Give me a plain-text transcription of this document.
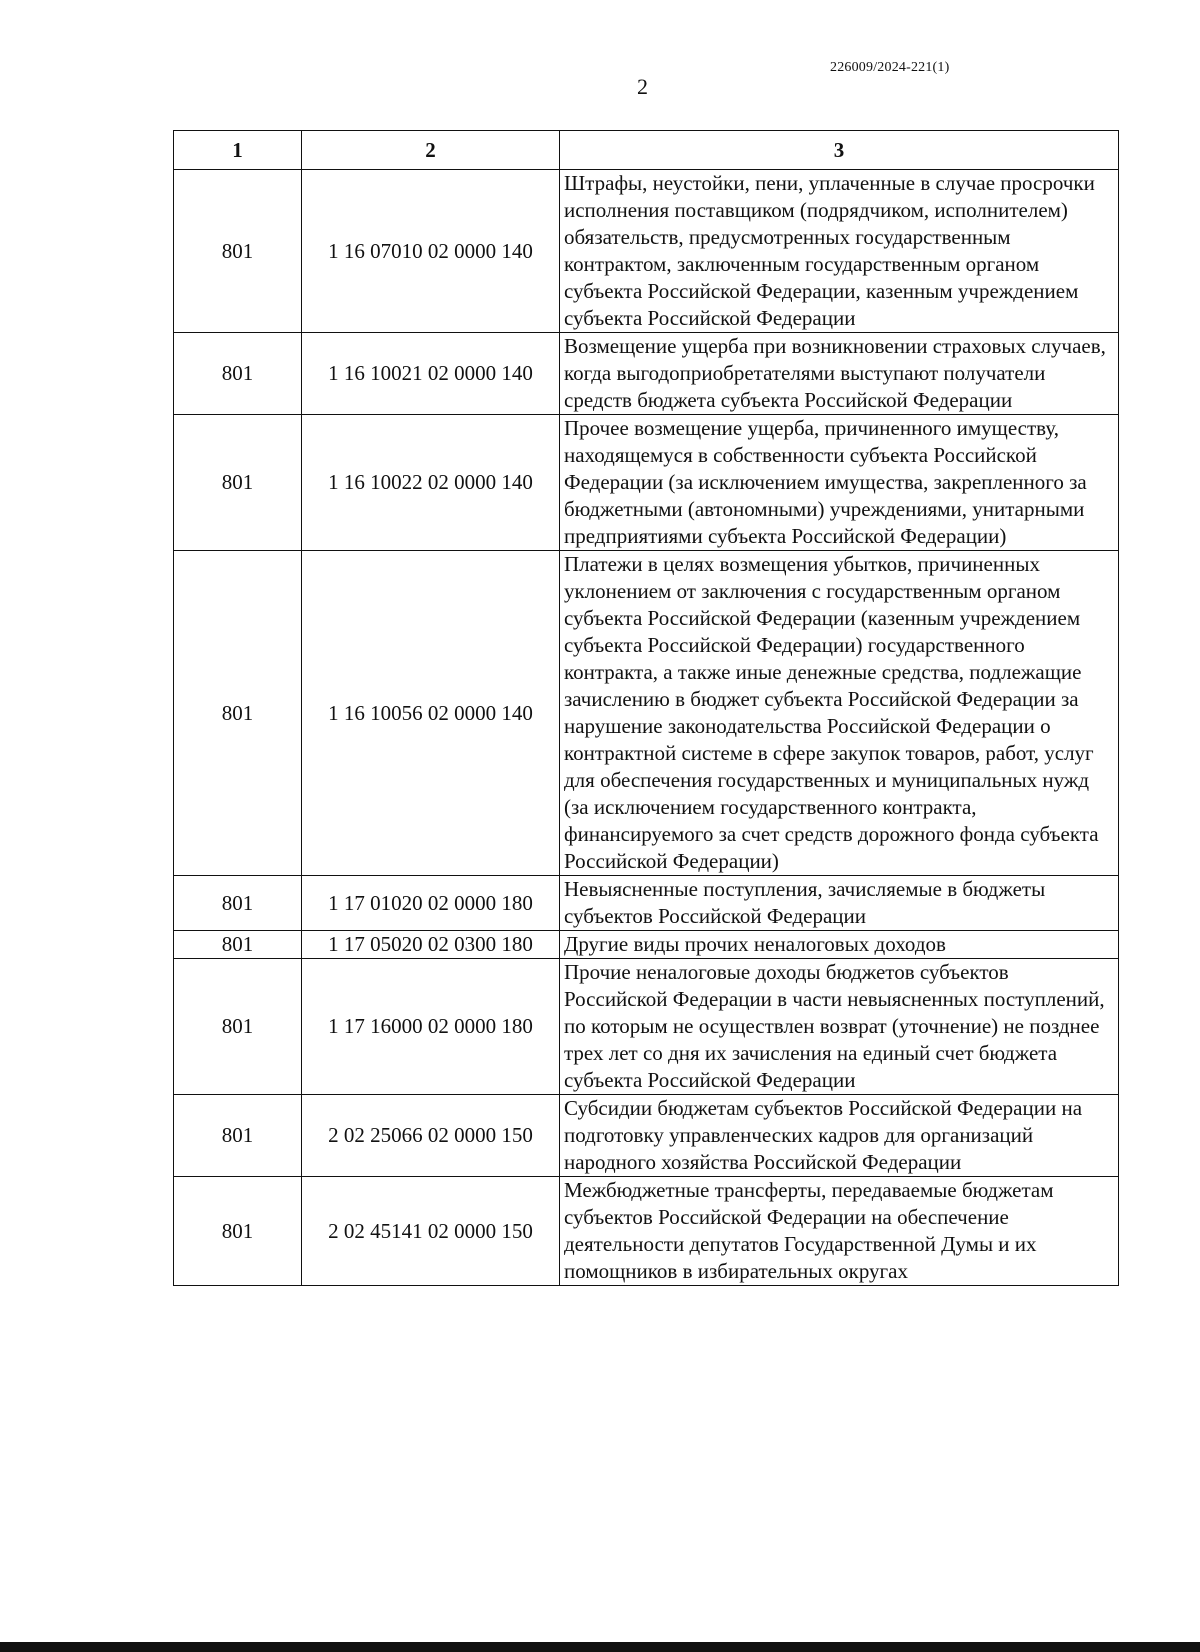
226009/2024-221(1)
2
1	2	3
801	1 16 07010 02 0000 140	Штрафы, неустойки, пени, уплаченные в случае просрочки исполнения поставщиком (подрядчиком, исполнителем) обязательств, предусмотренных государственным контрактом, заключенным государственным органом субъекта Российской Федерации, казенным учреждением субъекта Российской Федерации
801	1 16 10021 02 0000 140	Возмещение ущерба при возникновении страховых случаев, когда выгодоприобретателями выступают получатели средств бюджета субъекта Российской Федерации
801	1 16 10022 02 0000 140	Прочее возмещение ущерба, причиненного имуществу, находящемуся в собственности субъекта Российской Федерации (за исключением имущества, закрепленного за бюджетными (автономными) учреждениями, унитарными предприятиями субъекта Российской Федерации)
801	1 16 10056 02 0000 140	Платежи в целях возмещения убытков, причиненных уклонением от заключения с государственным органом субъекта Российской Федерации (казенным учреждением субъекта Российской Федерации) государственного контракта, а также иные денежные средства, подлежащие зачислению в бюджет субъекта Российской Федерации за нарушение законодательства Российской Федерации о контрактной системе в сфере закупок товаров, работ, услуг для обеспечения государственных и муниципальных нужд (за исключением государственного контракта, финансируемого за счет средств дорожного фонда субъекта Российской Федерации)
801	1 17 01020 02 0000 180	Невыясненные поступления, зачисляемые в бюджеты субъектов Российской Федерации
801	1 17 05020 02 0300 180	Другие виды прочих неналоговых доходов
801	1 17 16000 02 0000 180	Прочие неналоговые доходы бюджетов субъектов Российской Федерации в части невыясненных поступлений, по которым не осуществлен возврат (уточнение) не позднее трех лет со дня их зачисления на единый счет бюджета субъекта Российской Федерации
801	2 02 25066 02 0000 150	Субсидии бюджетам субъектов Российской Федерации на подготовку управленческих кадров для организаций народного хозяйства Российской Федерации
801	2 02 45141 02 0000 150	Межбюджетные трансферты, передаваемые бюджетам субъектов Российской Федерации на обеспечение деятельности депутатов Государственной Думы и их помощников в избирательных округах
